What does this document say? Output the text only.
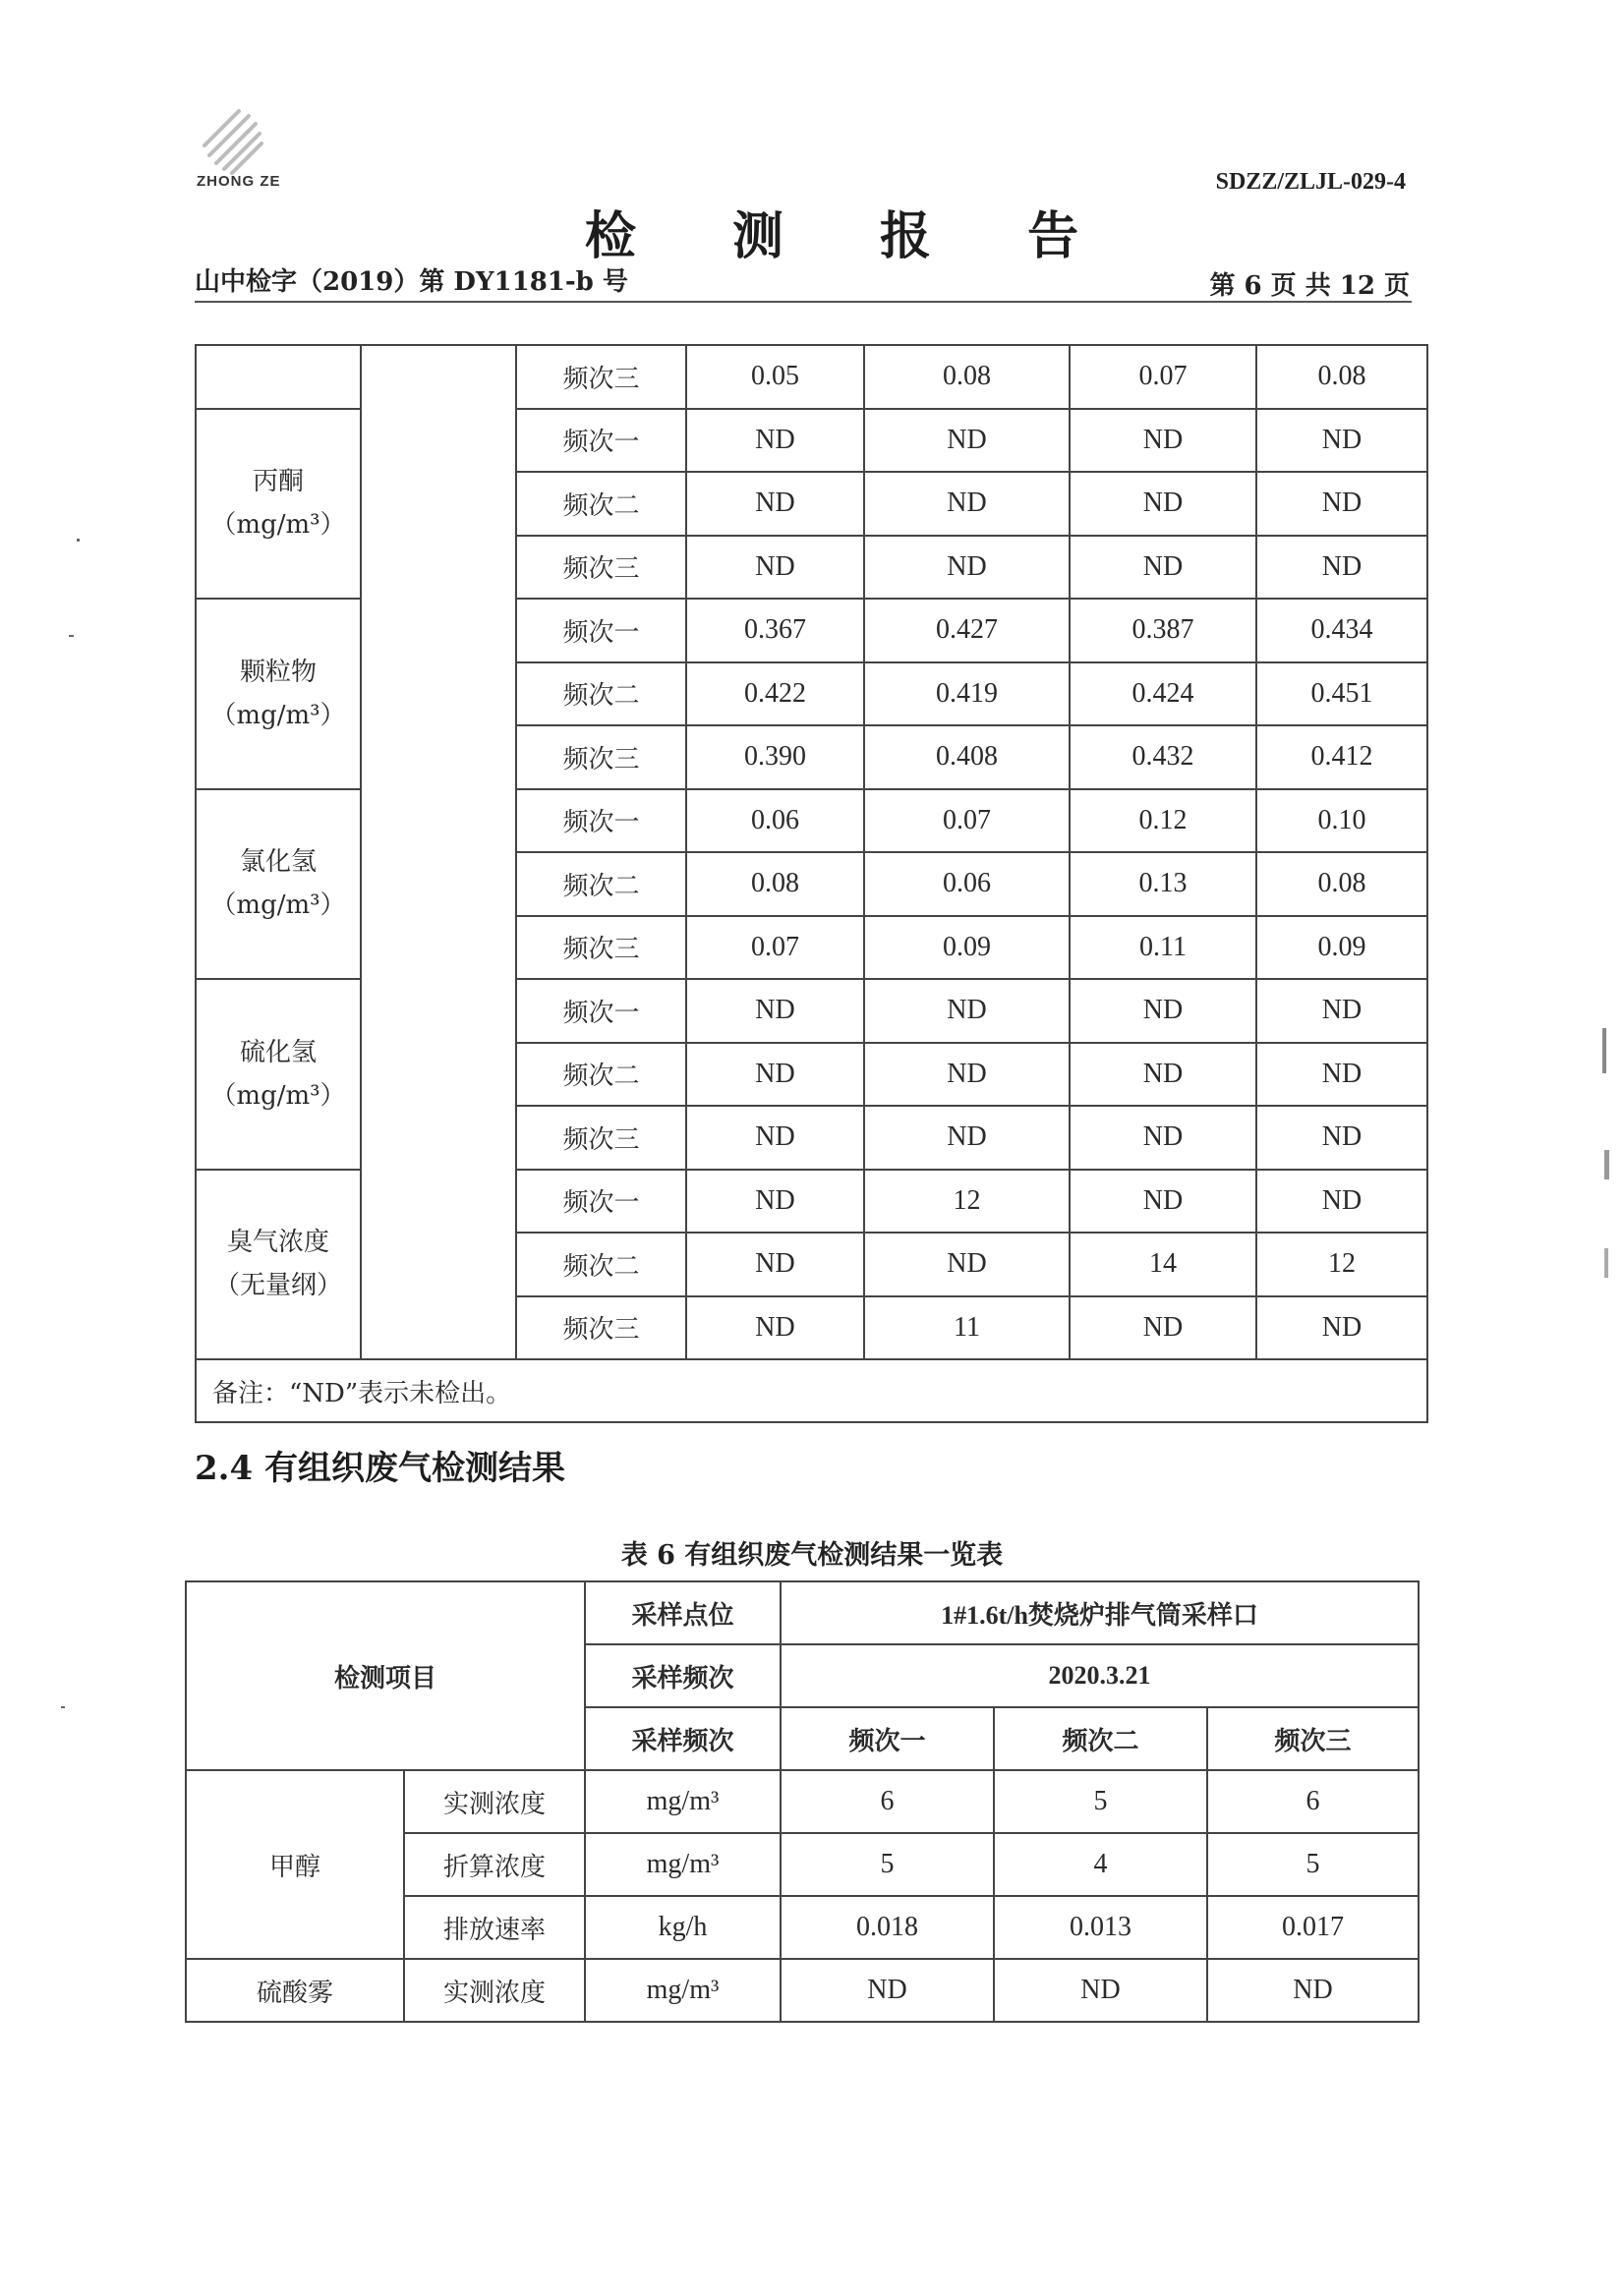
ZHONG ZE	SDZZ/ZLJL-029-4
检 测 报 告
山中检字（2019）第 DY1181-b 号	第 6 页 共 12 页
		频次三	0.05	0.08	0.07	0.08

丙酮
（mg/m³）		频次一	ND	ND	ND	ND
		频次二	ND	ND	ND	ND
		频次三	ND	ND	ND	ND

颗粒物
（mg/m³）		频次一	0.367	0.427	0.387	0.434
		频次二	0.422	0.419	0.424	0.451
		频次三	0.390	0.408	0.432	0.412

氯化氢
（mg/m³）		频次一	0.06	0.07	0.12	0.10
		频次二	0.08	0.06	0.13	0.08
		频次三	0.07	0.09	0.11	0.09

硫化氢
（mg/m³）		频次一	ND	ND	ND	ND
		频次二	ND	ND	ND	ND
		频次三	ND	ND	ND	ND

臭气浓度
（无量纲）		频次一	ND	12	ND	ND
		频次二	ND	ND	14	12
		频次三	ND	11	ND	ND
备注：“ND”表示未检出。						
2.4 有组织废气检测结果
表 6 有组织废气检测结果一览表
检测项目		采样点位	1#1.6t/h焚烧炉排气筒采样口		
		采样频次	2020.3.21		
		采样频次	频次一	频次二	频次三
甲醇	实测浓度	mg/m³	6	5	6
	折算浓度	mg/m³	5	4	5
	排放速率	kg/h	0.018	0.013	0.017
硫酸雾	实测浓度	mg/m³	ND	ND	ND
